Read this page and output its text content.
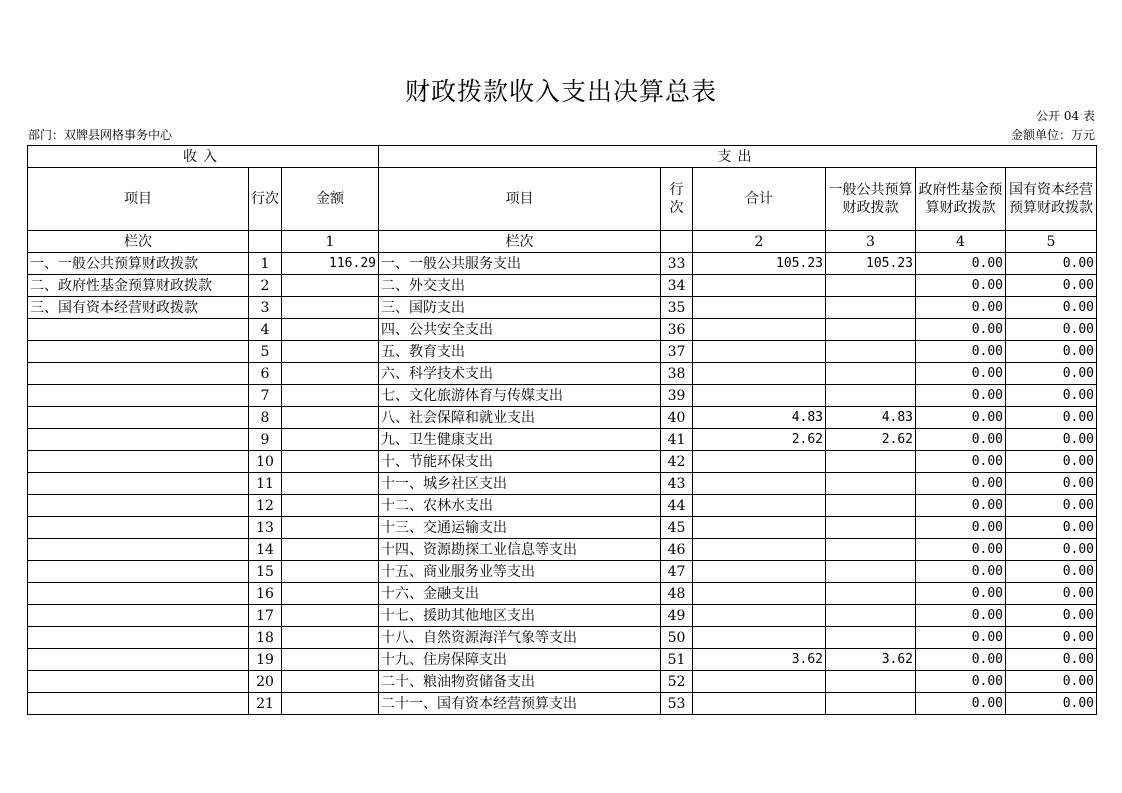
财政拨款收入支出决算总表
公开 04 表
部门：双牌县网格事务中心	金额单位：万元
收入			支出					
项目	行次	金额	项目	行次	合计	一般公共预算财政拨款	政府性基金预算财政拨款	国有资本经营预算财政拨款
栏次		1	栏次		2	3	4	5
一、一般公共预算财政拨款	1	116.29	一、一般公共服务支出	33	105.23	105.23	0.00	0.00
二、政府性基金预算财政拨款	2		二、外交支出	34			0.00	0.00
三、国有资本经营财政拨款	3		三、国防支出	35			0.00	0.00
	4		四、公共安全支出	36			0.00	0.00
	5		五、教育支出	37			0.00	0.00
	6		六、科学技术支出	38			0.00	0.00
	7		七、文化旅游体育与传媒支出	39			0.00	0.00
	8		八、社会保障和就业支出	40	4.83	4.83	0.00	0.00
	9		九、卫生健康支出	41	2.62	2.62	0.00	0.00
	10		十、节能环保支出	42			0.00	0.00
	11		十一、城乡社区支出	43			0.00	0.00
	12		十二、农林水支出	44			0.00	0.00
	13		十三、交通运输支出	45			0.00	0.00
	14		十四、资源勘探工业信息等支出	46			0.00	0.00
	15		十五、商业服务业等支出	47			0.00	0.00
	16		十六、金融支出	48			0.00	0.00
	17		十七、援助其他地区支出	49			0.00	0.00
	18		十八、自然资源海洋气象等支出	50			0.00	0.00
	19		十九、住房保障支出	51	3.62	3.62	0.00	0.00
	20		二十、粮油物资储备支出	52			0.00	0.00
	21		二十一、国有资本经营预算支出	53			0.00	0.00
